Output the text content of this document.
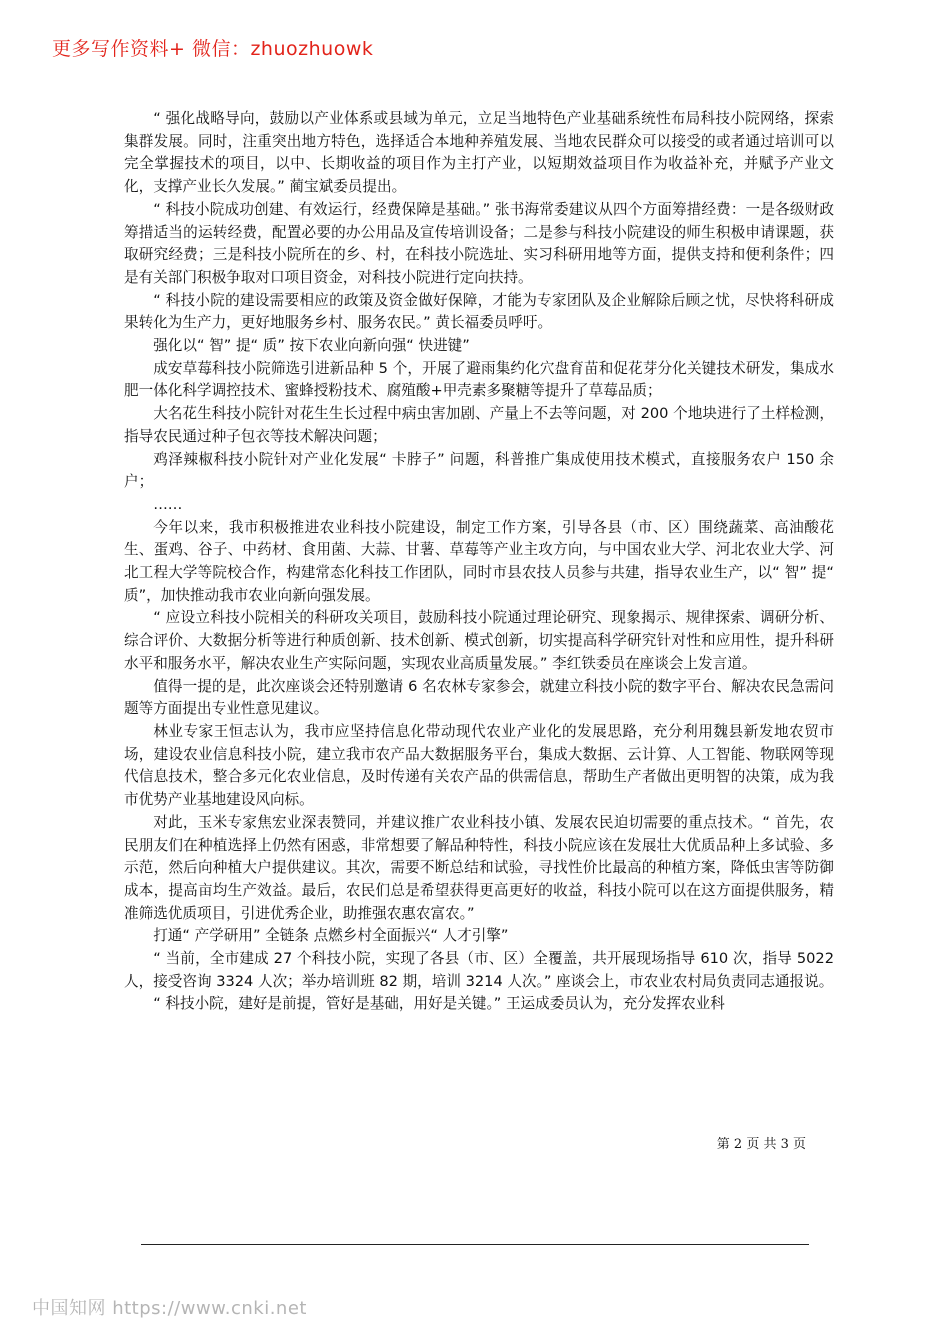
更多写作资料+ 微信：zhuozhuowk

“ 强化战略导向，鼓励以产业体系或县域为单元，立足当地特色产业基础系统性布局科技小院网络，探索集群发展。同时，注重突出地方特色，选择适合本地种养殖发展、当地农民群众可以接受的或者通过培训可以完全掌握技术的项目，以中、长期收益的项目作为主打产业，以短期效益项目作为收益补充，并赋予产业文化，支撑产业长久发展。” 蔺宝斌委员提出。

“ 科技小院成功创建、有效运行，经费保障是基础。” 张书海常委建议从四个方面筹措经费：一是各级财政筹措适当的运转经费，配置必要的办公用品及宣传培训设备；二是参与科技小院建设的师生积极申请课题，获取研究经费；三是科技小院所在的乡、村，在科技小院选址、实习科研用地等方面，提供支持和便利条件；四是有关部门积极争取对口项目资金，对科技小院进行定向扶持。

“ 科技小院的建设需要相应的政策及资金做好保障，才能为专家团队及企业解除后顾之忧，尽快将科研成果转化为生产力，更好地服务乡村、服务农民。” 黄长福委员呼吁。

强化以“ 智” 提“ 质” 按下农业向新向强“ 快进键”

成安草莓科技小院筛选引进新品种 5 个，开展了避雨集约化穴盘育苗和促花芽分化关键技术研发，集成水肥一体化科学调控技术、蜜蜂授粉技术、腐殖酸+甲壳素多聚糖等提升了草莓品质；

大名花生科技小院针对花生生长过程中病虫害加剧、产量上不去等问题，对 200 个地块进行了土样检测，指导农民通过种子包衣等技术解决问题；

鸡泽辣椒科技小院针对产业化发展“ 卡脖子” 问题，科普推广集成使用技术模式，直接服务农户 150 余户；

……

今年以来，我市积极推进农业科技小院建设，制定工作方案，引导各县（市、区）围绕蔬菜、高油酸花生、蛋鸡、谷子、中药材、食用菌、大蒜、甘薯、草莓等产业主攻方向，与中国农业大学、河北农业大学、河北工程大学等院校合作，构建常态化科技工作团队，同时市县农技人员参与共建，指导农业生产，以“ 智” 提“ 质”，加快推动我市农业向新向强发展。

“ 应设立科技小院相关的科研攻关项目，鼓励科技小院通过理论研究、现象揭示、规律探索、调研分析、综合评价、大数据分析等进行种质创新、技术创新、模式创新，切实提高科学研究针对性和应用性，提升科研水平和服务水平，解决农业生产实际问题，实现农业高质量发展。” 李红铁委员在座谈会上发言道。

值得一提的是，此次座谈会还特别邀请 6 名农林专家参会，就建立科技小院的数字平台、解决农民急需问题等方面提出专业性意见建议。

林业专家王恒志认为，我市应坚持信息化带动现代农业产业化的发展思路，充分利用魏县新发地农贸市场，建设农业信息科技小院，建立我市农产品大数据服务平台，集成大数据、云计算、人工智能、物联网等现代信息技术，整合多元化农业信息，及时传递有关农产品的供需信息，帮助生产者做出更明智的决策，成为我市优势产业基地建设风向标。

对此，玉米专家焦宏业深表赞同，并建议推广农业科技小镇、发展农民迫切需要的重点技术。“ 首先，农民朋友们在种植选择上仍然有困惑，非常想要了解品种特性，科技小院应该在发展壮大优质品种上多试验、多示范，然后向种植大户提供建议。其次，需要不断总结和试验，寻找性价比最高的种植方案，降低虫害等防御成本，提高亩均生产效益。最后，农民们总是希望获得更高更好的收益，科技小院可以在这方面提供服务，精准筛选优质项目，引进优秀企业，助推强农惠农富农。”

打通“ 产学研用” 全链条 点燃乡村全面振兴“ 人才引擎”

“ 当前，全市建成 27 个科技小院，实现了各县（市、区）全覆盖，共开展现场指导 610 次，指导 5022 人，接受咨询 3324 人次；举办培训班 82 期，培训 3214 人次。” 座谈会上，市农业农村局负责同志通报说。

“ 科技小院，建好是前提，管好是基础，用好是关键。” 王运成委员认为，充分发挥农业科

第 2 页 共 3 页
中国知网 https://www.cnki.net
